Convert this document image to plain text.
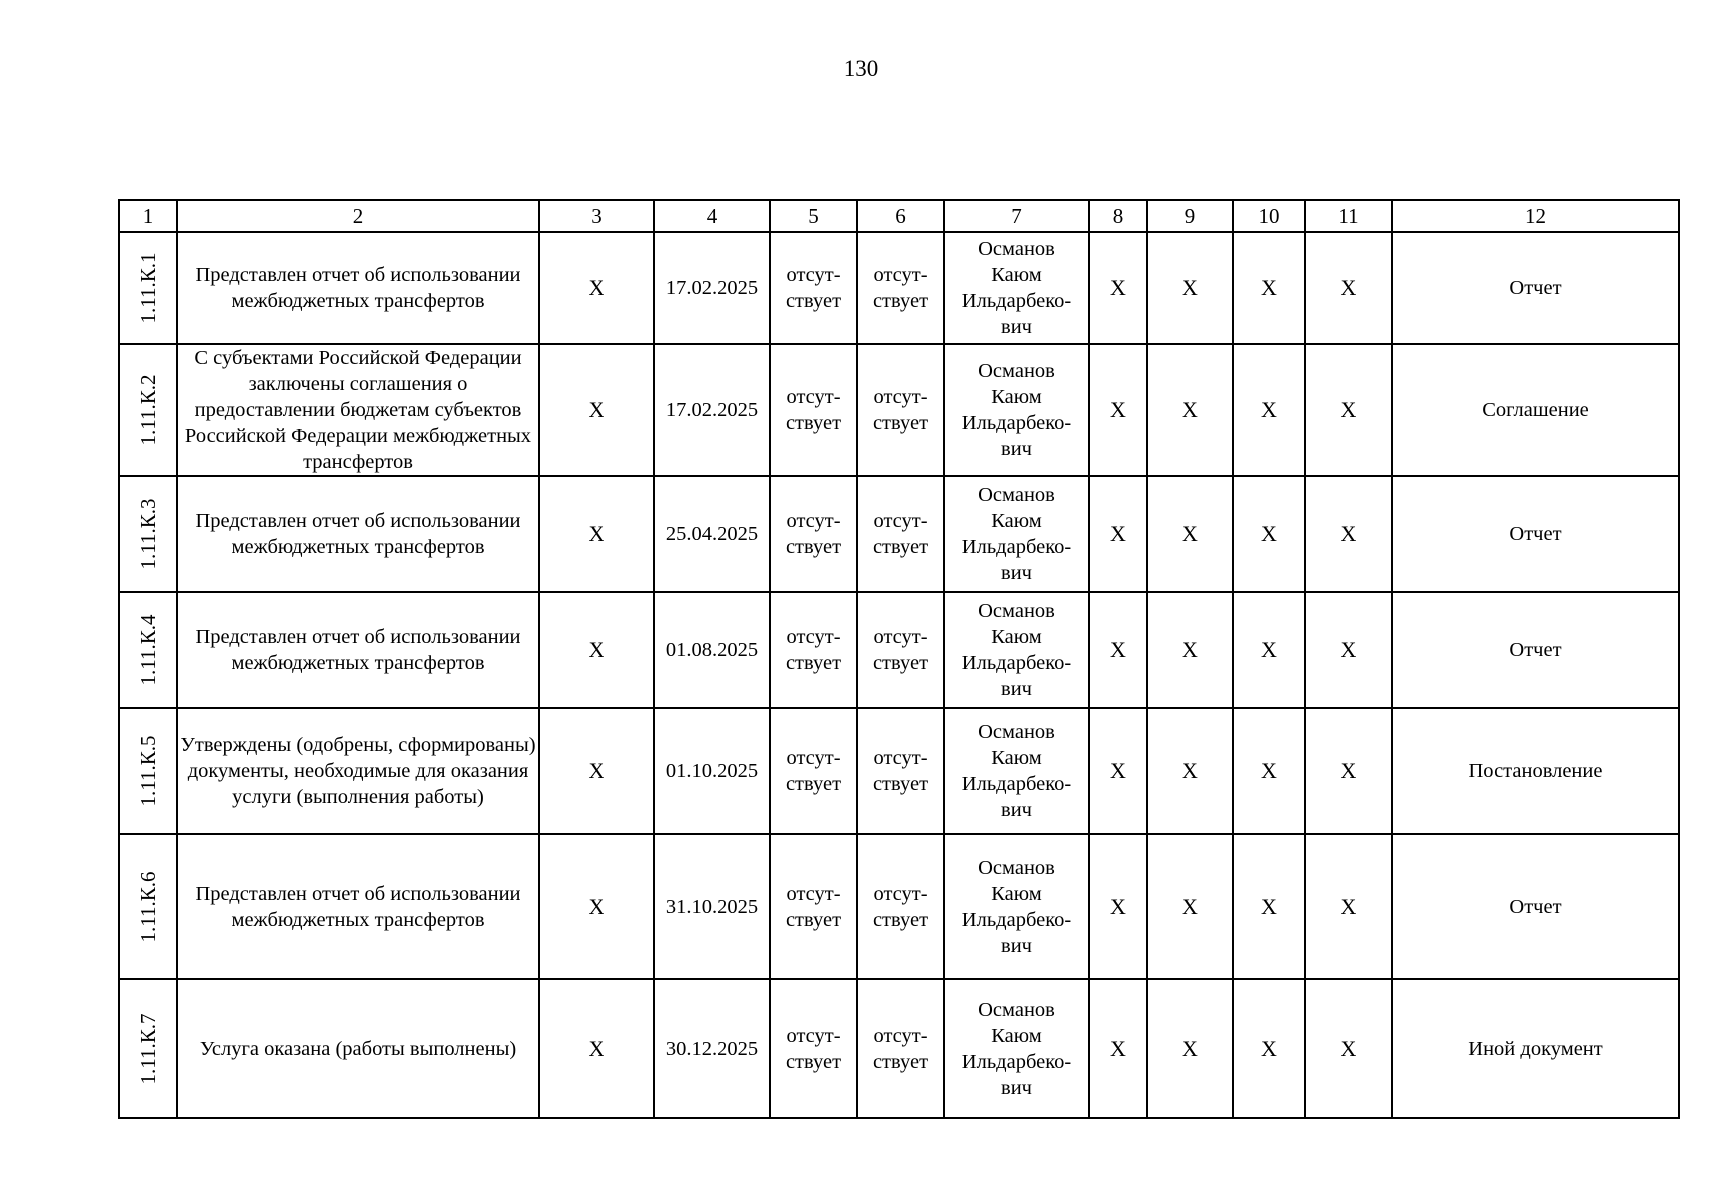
130
1	2	3	4	5	6	7	8	9	10	11	12

1.11.К.1	Представлен отчет об использовании межбюджетных трансфертов	X	17.02.2025	отсут-
ствует	отсут-
ствует	Османов
Каюм
Ильдарбеко-
вич	X	X	X	X	Отчет

1.11.К.2	С субъектами Российской Федерации заключены соглашения о предоставлении бюджетам субъектов Российской Федерации межбюджетных трансфертов	X	17.02.2025	отсут-
ствует	отсут-
ствует	Османов
Каюм
Ильдарбеко-
вич	X	X	X	X	Соглашение

1.11.К.3	Представлен отчет об использовании межбюджетных трансфертов	X	25.04.2025	отсут-
ствует	отсут-
ствует	Османов
Каюм
Ильдарбеко-
вич	X	X	X	X	Отчет

1.11.К.4	Представлен отчет об использовании межбюджетных трансфертов	X	01.08.2025	отсут-
ствует	отсут-
ствует	Османов
Каюм
Ильдарбеко-
вич	X	X	X	X	Отчет

1.11.К.5	Утверждены (одобрены, сформированы) документы, необходимые для оказания услуги (выполнения работы)	X	01.10.2025	отсут-
ствует	отсут-
ствует	Османов
Каюм
Ильдарбеко-
вич	X	X	X	X	Постановление

1.11.К.6	Представлен отчет об использовании межбюджетных трансфертов	X	31.10.2025	отсут-
ствует	отсут-
ствует	Османов
Каюм
Ильдарбеко-
вич	X	X	X	X	Отчет

1.11.К.7	Услуга оказана (работы выполнены)	X	30.12.2025	отсут-
ствует	отсут-
ствует	Османов
Каюм
Ильдарбеко-
вич	X	X	X	X	Иной документ
